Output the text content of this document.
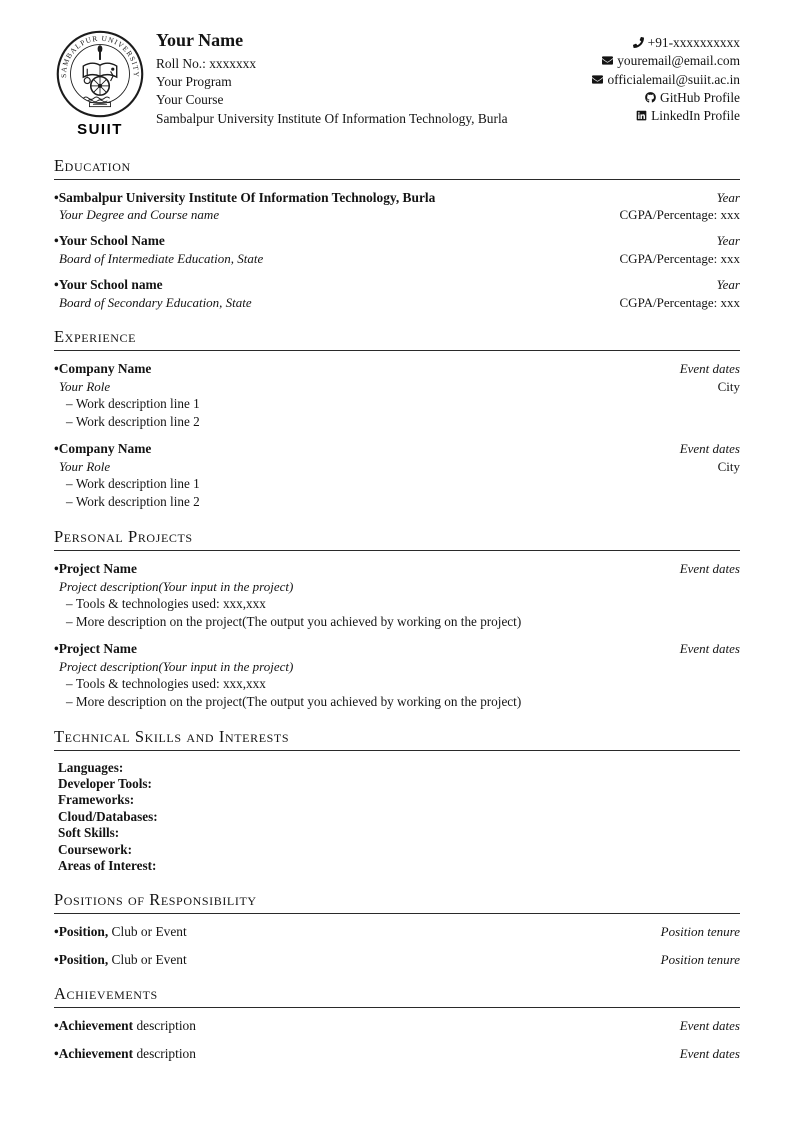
SAMBALPUR UNIVERSITY
SUIIT
Your Name
Roll No.: xxxxxxx
Your Program
Your Course
Sambalpur University Institute Of Information Technology, Burla
+91-xxxxxxxxxx
youremail@email.com
officialemail@suiit.ac.in
GitHub Profile
LinkedIn Profile
Education
• Sambalpur University Institute Of Information Technology, Burla	Year
Your Degree and Course name	CGPA/Percentage: xxx
• Your School Name	Year
Board of Intermediate Education, State	CGPA/Percentage: xxx
• Your School name	Year
Board of Secondary Education, State	CGPA/Percentage: xxx
Experience
• Company Name	Event dates
Your Role	City
– Work description line 1
– Work description line 2
• Company Name	Event dates
Your Role	City
– Work description line 1
– Work description line 2
Personal Projects
• Project Name	Event dates
Project description(Your input in the project)
– Tools & technologies used: xxx,xxx
– More description on the project(The output you achieved by working on the project)
• Project Name	Event dates
Project description(Your input in the project)
– Tools & technologies used: xxx,xxx
– More description on the project(The output you achieved by working on the project)
Technical Skills and Interests
Languages:
Developer Tools:
Frameworks:
Cloud/Databases:
Soft Skills:
Coursework:
Areas of Interest:
Positions of Responsibility
• Position, Club or Event	Position tenure
• Position, Club or Event	Position tenure
Achievements
• Achievement description	Event dates
• Achievement description	Event dates
